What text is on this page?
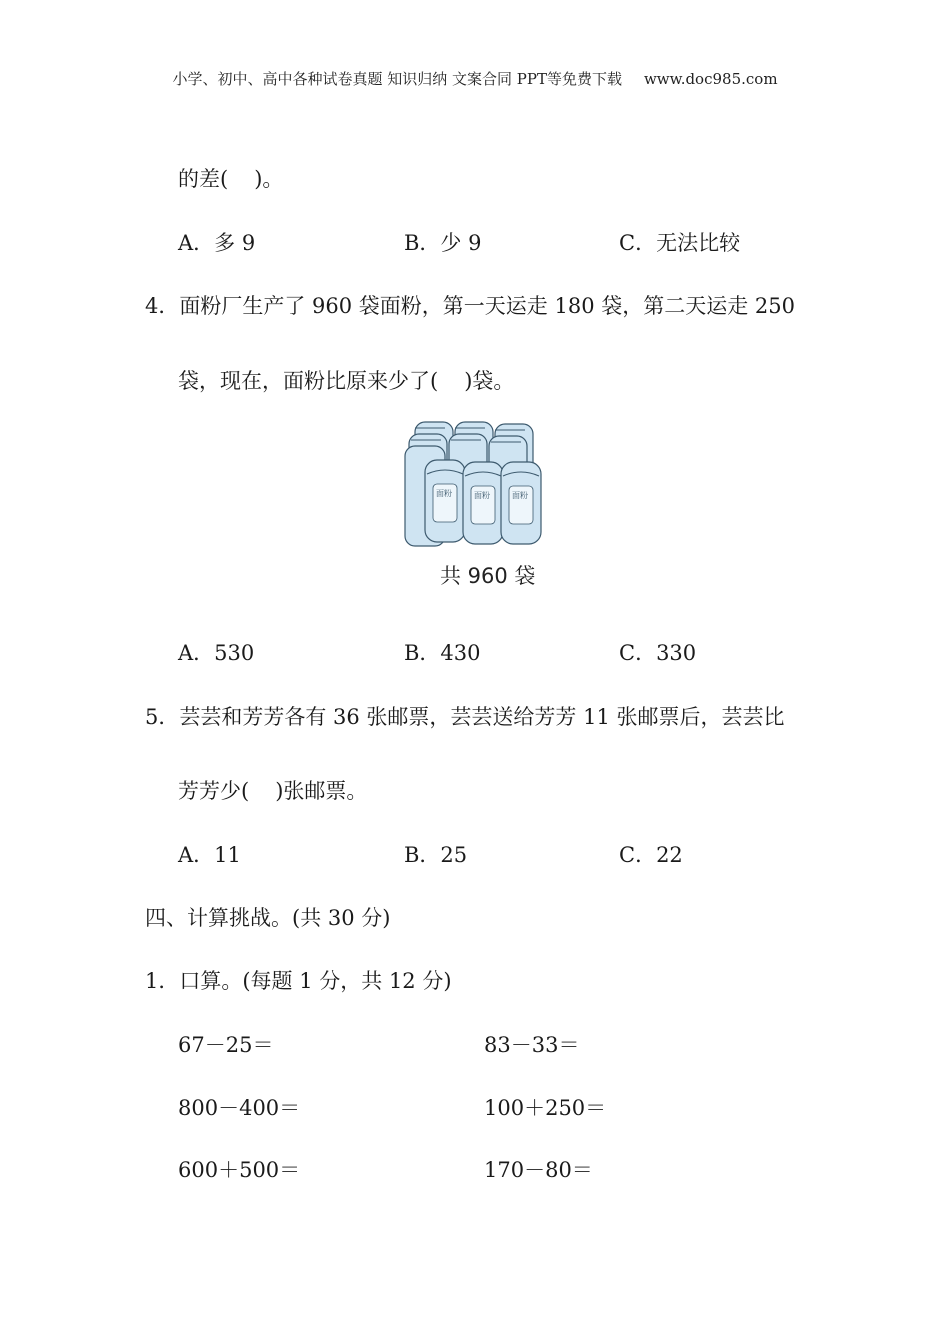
小学、初中、高中各种试卷真题 知识归纳 文案合同 PPT等免费下载 www.doc985.com
的差( )。
A．多 9	B．少 9	C．无法比较
4．面粉厂生产了 960 袋面粉，第一天运走 180 袋，第二天运走 250
袋，现在，面粉比原来少了( )袋。
面粉	面粉	面粉
共 960 袋
A．530	B．430	C．330
5．芸芸和芳芳各有 36 张邮票，芸芸送给芳芳 11 张邮票后，芸芸比
芳芳少( )张邮票。
A．11	B．25	C．22
四、计算挑战。(共 30 分)
1．口算。(每题 1 分，共 12 分)
67－25＝	83－33＝
800－400＝	100＋250＝
600＋500＝	170－80＝
